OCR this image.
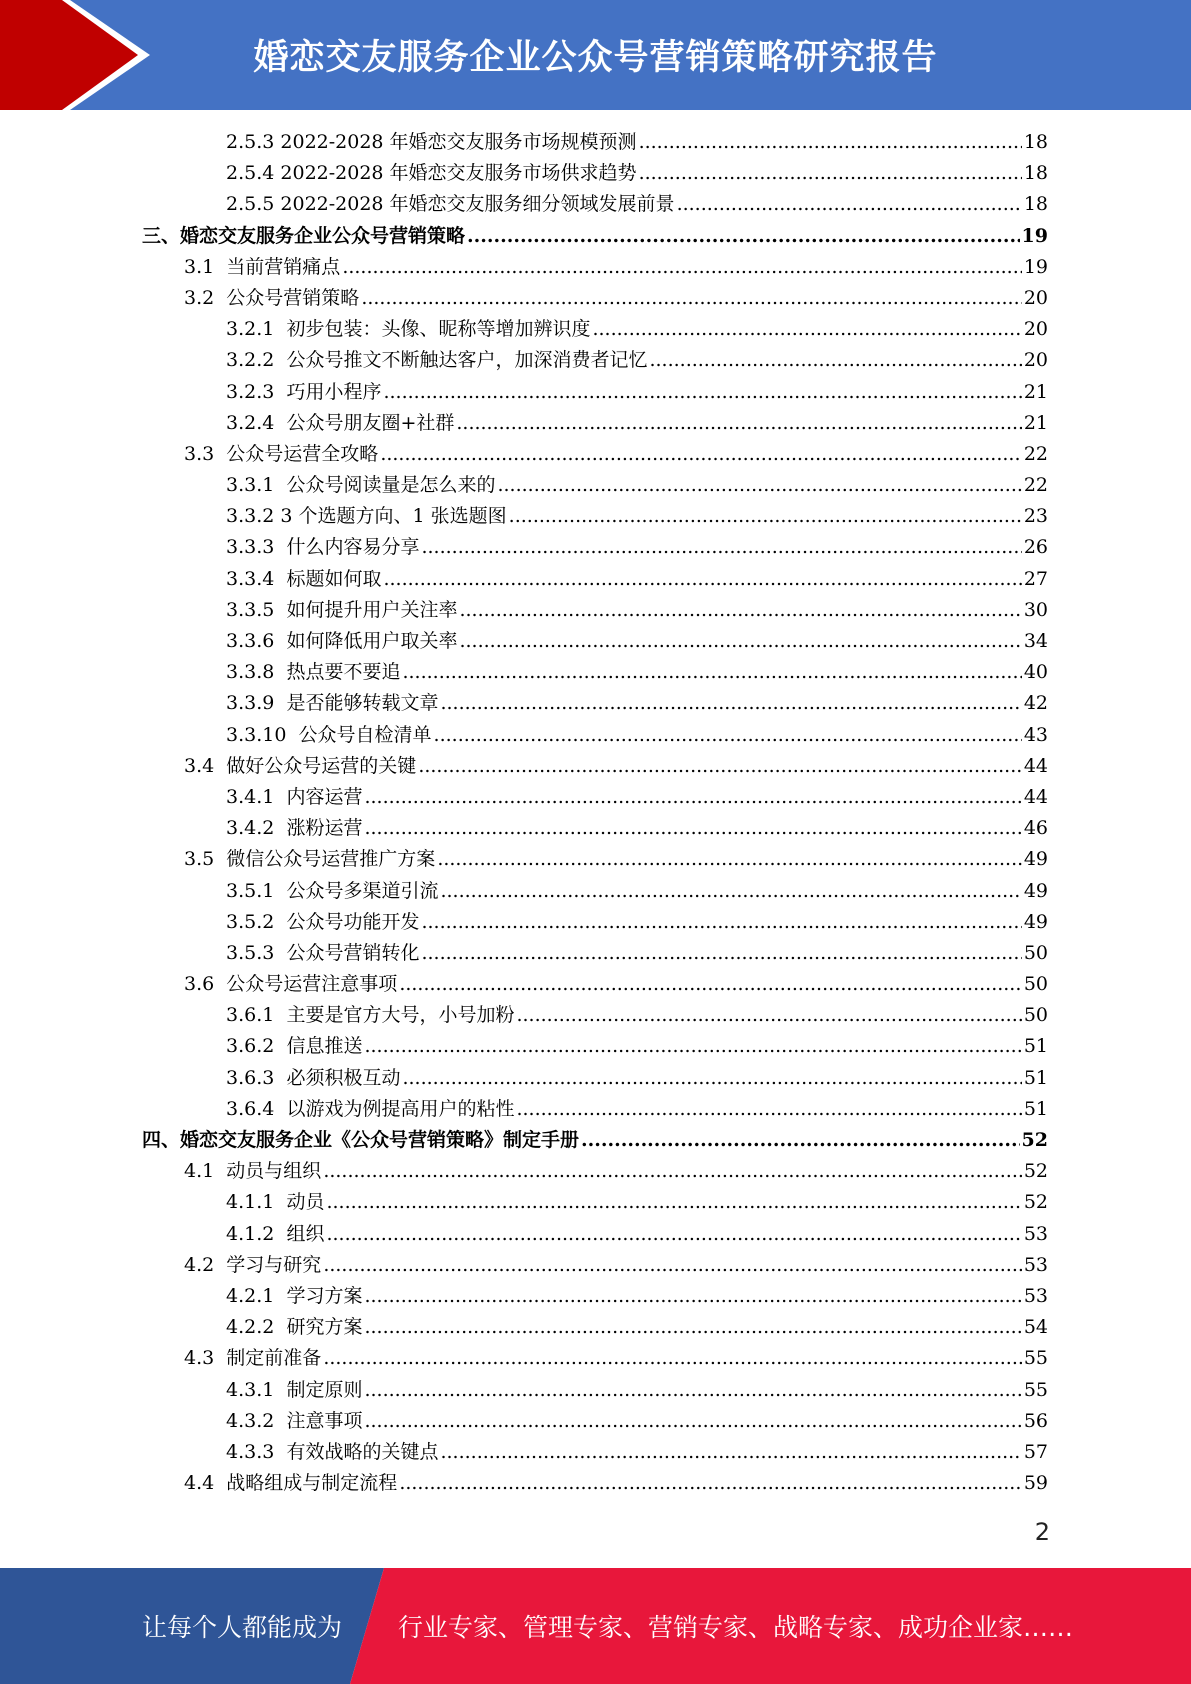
婚恋交友服务企业公众号营销策略研究报告
2.5.3 2022-2028 年婚恋交友服务市场规模预测 .....	18
2.5.4 2022-2028 年婚恋交友服务市场供求趋势 .....	18
2.5.5 2022-2028 年婚恋交友服务细分领域发展前景 .....	18
三、 婚恋交友服务企业公众号营销策略 .....	19
3.1 当前营销痛点 .....	19
3.2 公众号营销策略 .....	20
3.2.1 初步包装：头像、昵称等增加辨识度 .....	20
3.2.2 公众号推文不断触达客户，加深消费者记忆 .....	20
3.2.3 巧用小程序 .....	21
3.2.4 公众号朋友圈+社群 .....	21
3.3 公众号运营全攻略 .....	22
3.3.1 公众号阅读量是怎么来的 .....	22
3.3.2 3 个选题方向、1 张选题图 .....	23
3.3.3 什么内容易分享 .....	26
3.3.4 标题如何取 .....	27
3.3.5 如何提升用户关注率 .....	30
3.3.6 如何降低用户取关率 .....	34
3.3.8 热点要不要追 .....	40
3.3.9 是否能够转载文章 .....	42
3.3.10 公众号自检清单 .....	43
3.4 做好公众号运营的关键 .....	44
3.4.1 内容运营 .....	44
3.4.2 涨粉运营 .....	46
3.5 微信公众号运营推广方案 .....	49
3.5.1 公众号多渠道引流 .....	49
3.5.2 公众号功能开发 .....	49
3.5.3 公众号营销转化 .....	50
3.6 公众号运营注意事项 .....	50
3.6.1 主要是官方大号，小号加粉 .....	50
3.6.2 信息推送 .....	51
3.6.3 必须积极互动 .....	51
3.6.4 以游戏为例提高用户的粘性 .....	51
四、 婚恋交友服务企业《公众号营销策略》制定手册 .....	52
4.1 动员与组织 .....	52
4.1.1 动员 .....	52
4.1.2 组织 .....	53
4.2 学习与研究 .....	53
4.2.1 学习方案 .....	53
4.2.2 研究方案 .....	54
4.3 制定前准备 .....	55
4.3.1 制定原则 .....	55
4.3.2 注意事项 .....	56
4.3.3 有效战略的关键点 .....	57
4.4 战略组成与制定流程 .....	59
2
让每个人都能成为 行业专家、管理专家、营销专家、战略专家、成功企业家……
